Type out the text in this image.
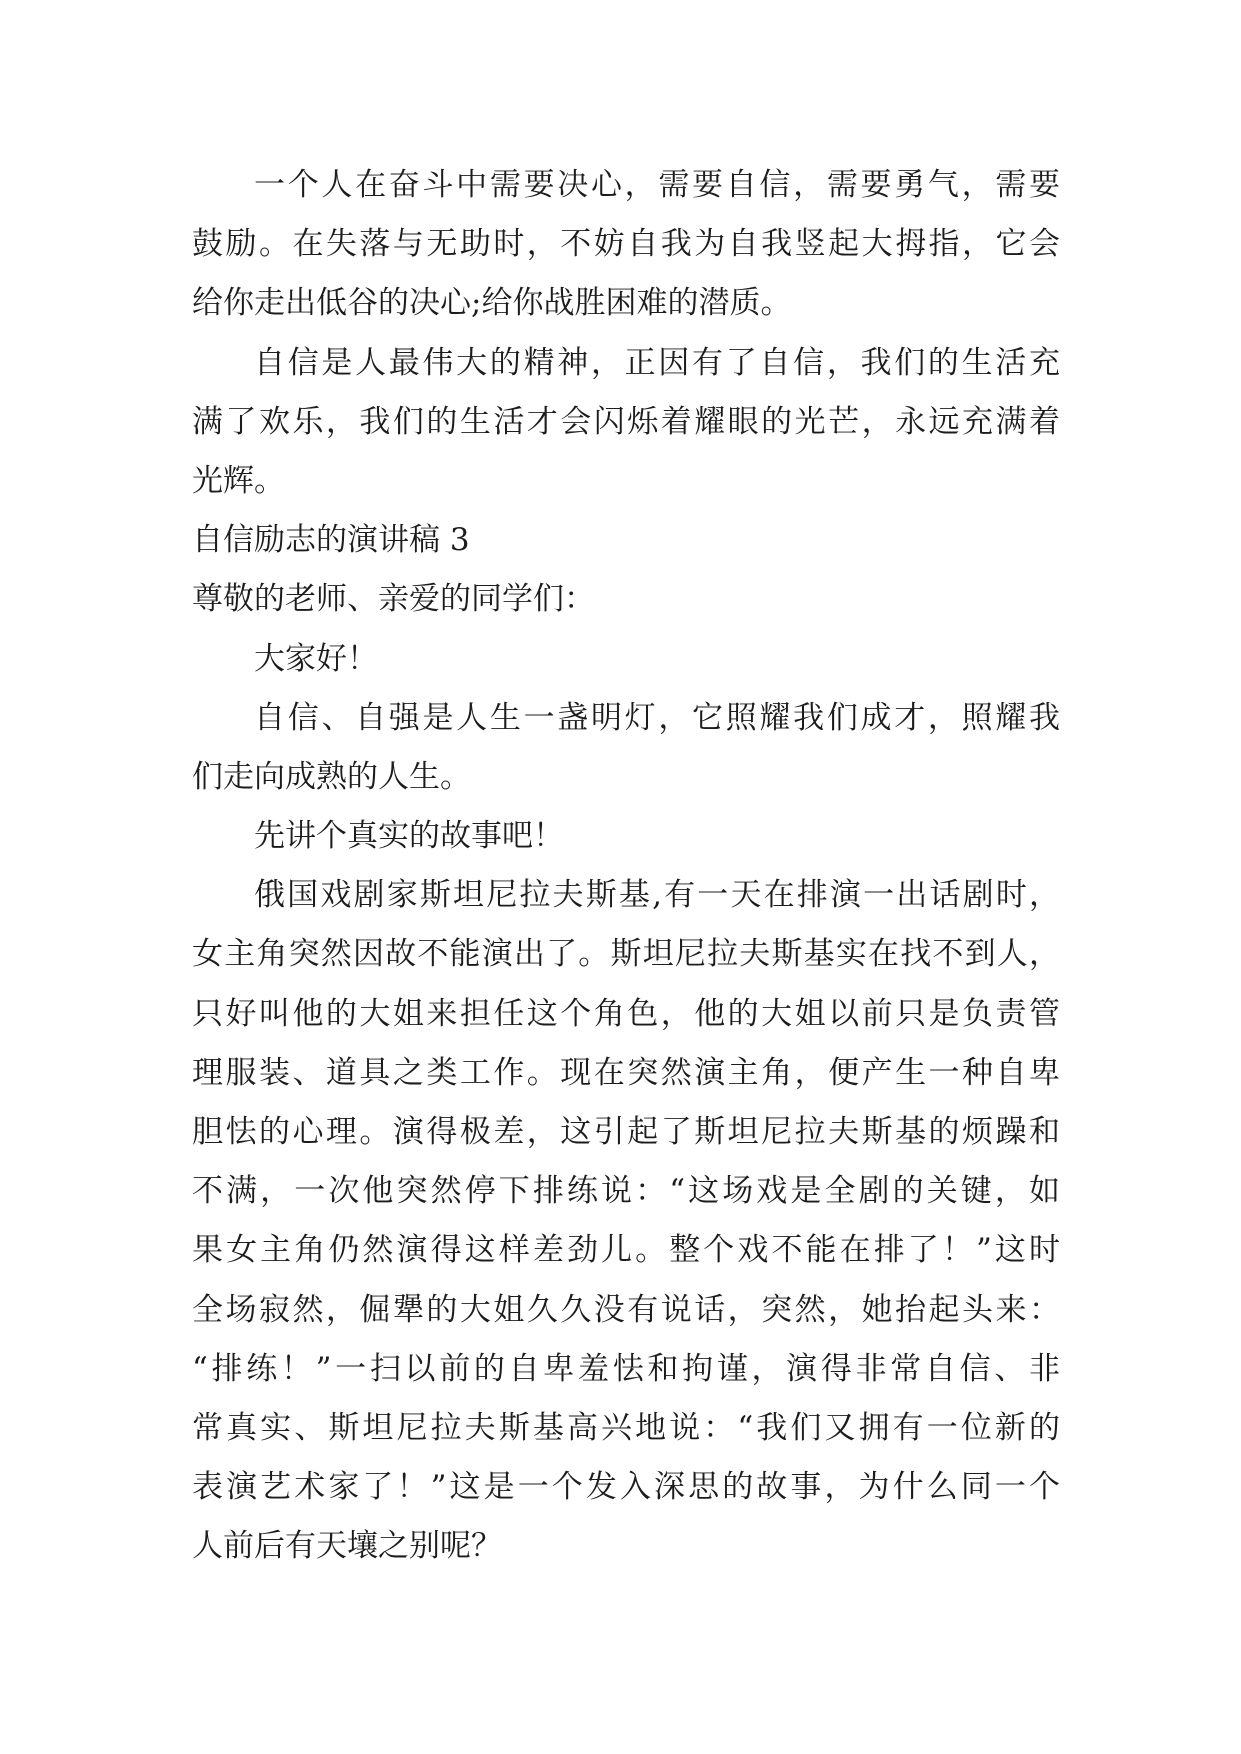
一个人在奋斗中需要决心，需要自信，需要勇气，需要
鼓励。在失落与无助时，不妨自我为自我竖起大拇指，它会
给你走出低谷的决心;给你战胜困难的潜质。
自信是人最伟大的精神，正因有了自信，我们的生活充
满了欢乐，我们的生活才会闪烁着耀眼的光芒，永远充满着
光辉。
自信励志的演讲稿 3
尊敬的老师、亲爱的同学们：
大家好！
自信、自强是人生一盏明灯，它照耀我们成才，照耀我
们走向成熟的人生。
先讲个真实的故事吧！
俄国戏剧家斯坦尼拉夫斯基,有一天在排演一出话剧时，
女主角突然因故不能演出了。斯坦尼拉夫斯基实在找不到人，
只好叫他的大姐来担任这个角色，他的大姐以前只是负责管
理服装、道具之类工作。现在突然演主角，便产生一种自卑
胆怯的心理。演得极差，这引起了斯坦尼拉夫斯基的烦躁和
不满，一次他突然停下排练说：“这场戏是全剧的关键，如
果女主角仍然演得这样差劲儿。整个戏不能在排了！”这时
全场寂然，倔犟的大姐久久没有说话，突然，她抬起头来：
“排练！”一扫以前的自卑羞怯和拘谨，演得非常自信、非
常真实、斯坦尼拉夫斯基高兴地说：“我们又拥有一位新的
表演艺术家了！”这是一个发入深思的故事，为什么同一个
人前后有天壤之别呢？
